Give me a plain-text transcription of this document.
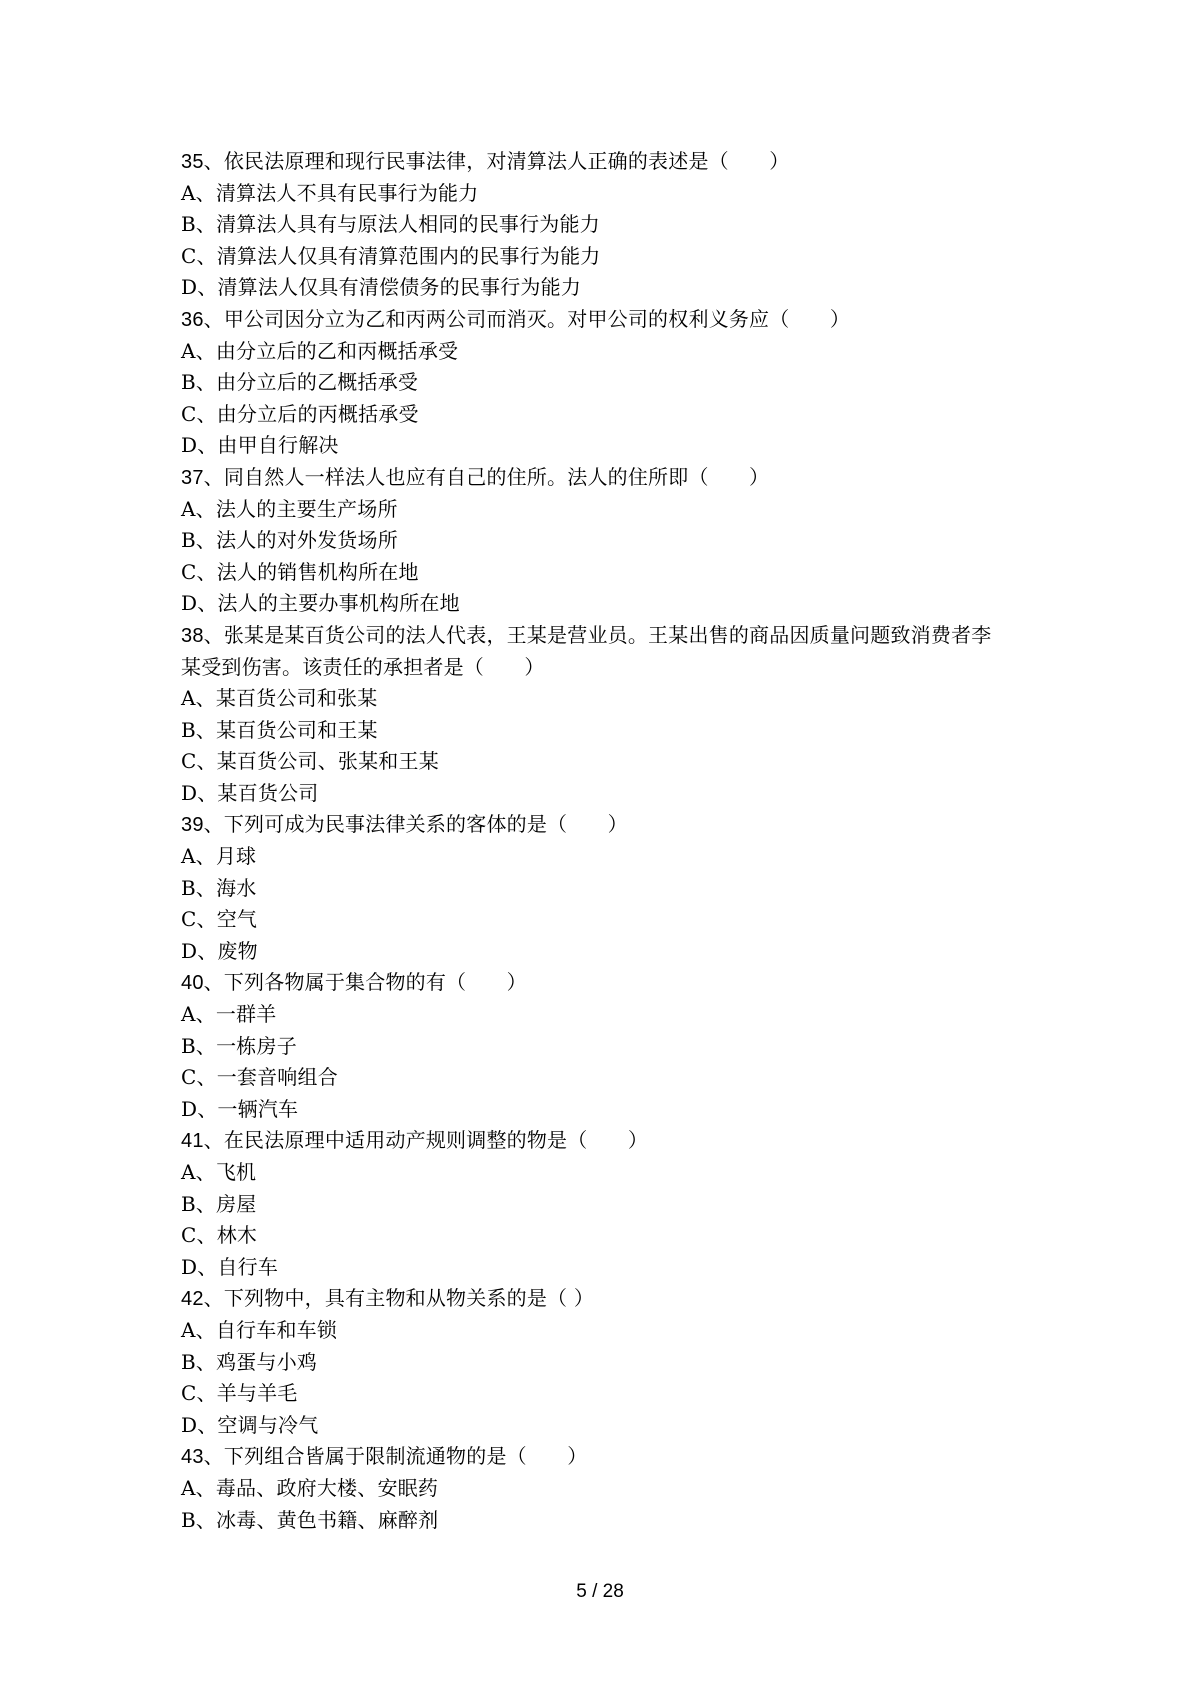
35、依民法原理和现行民事法律，对清算法人正确的表述是（　　）
A、清算法人不具有民事行为能力
B、清算法人具有与原法人相同的民事行为能力
C、清算法人仅具有清算范围内的民事行为能力
D、清算法人仅具有清偿债务的民事行为能力
36、甲公司因分立为乙和丙两公司而消灭。对甲公司的权利义务应（　　）
A、由分立后的乙和丙概括承受
B、由分立后的乙概括承受
C、由分立后的丙概括承受
D、由甲自行解决
37、同自然人一样法人也应有自己的住所。法人的住所即（　　）
A、法人的主要生产场所
B、法人的对外发货场所
C、法人的销售机构所在地
D、法人的主要办事机构所在地
38、张某是某百货公司的法人代表，王某是营业员。王某出售的商品因质量问题致消费者李
某受到伤害。该责任的承担者是（　　）
A、某百货公司和张某
B、某百货公司和王某
C、某百货公司、张某和王某
D、某百货公司
39、下列可成为民事法律关系的客体的是（　　）
A、月球
B、海水
C、空气
D、废物
40、下列各物属于集合物的有（　　）
A、一群羊
B、一栋房子
C、一套音响组合
D、一辆汽车
41、在民法原理中适用动产规则调整的物是（　　）
A、飞机
B、房屋
C、林木
D、自行车
42、下列物中，具有主物和从物关系的是（ ）
A、自行车和车锁
B、鸡蛋与小鸡
C、羊与羊毛
D、空调与冷气
43、下列组合皆属于限制流通物的是（　　）
A、毒品、政府大楼、安眠药
B、冰毒、黄色书籍、麻醉剂
5 / 28
